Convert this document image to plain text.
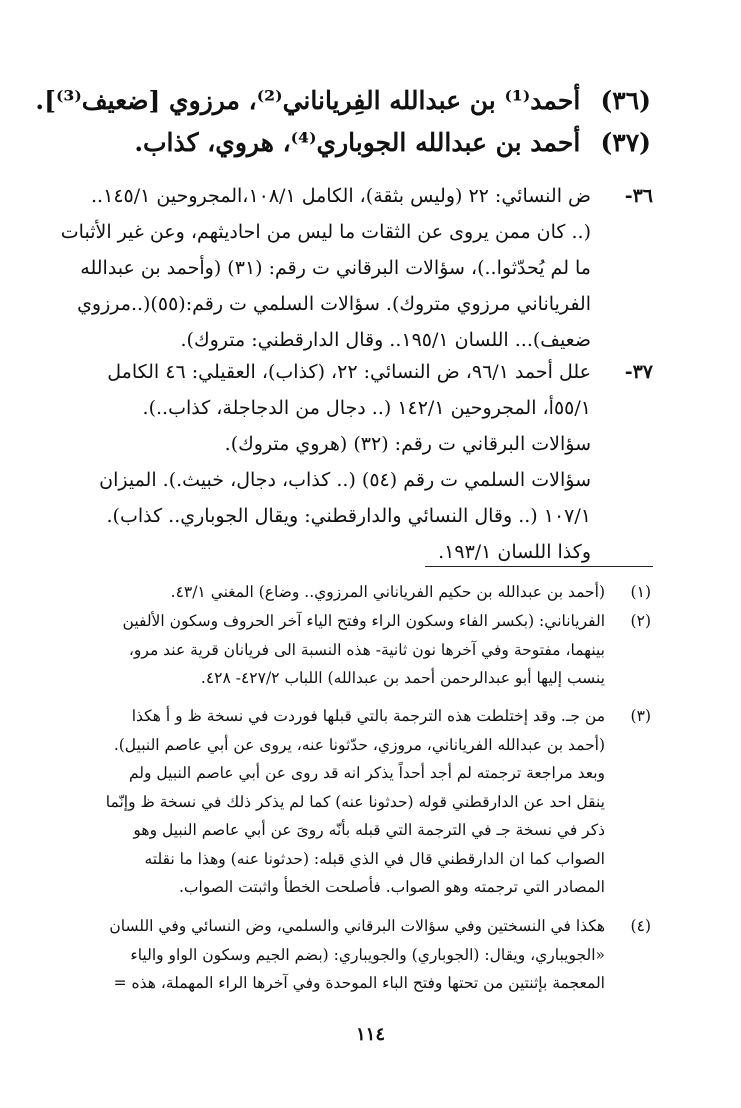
(٣٦) أحمد⁽¹⁾ بن عبدالله الفِرياناني⁽²⁾، مرزوي [ضعيف⁽³⁾].
(٣٧) أحمد بن عبدالله الجوباري⁽⁴⁾، هروي، كذاب.
٣٦-
ض النسائي: ٢٢ (وليس بثقة)، الكامل ١٠٨/١،المجروحين ١٤٥/١..
(.. كان ممن يروى عن الثقات ما ليس من احاديثهم، وعن غير الأثبات
ما لم يُحدّثوا..)، سؤالات البرقاني ت رقم: (٣١) (وأحمد بن عبدالله
الفرياناني مرزوي متروك). سؤالات السلمي ت رقم:(٥٥)(..مرزوي
ضعيف)... اللسان ١٩٥/١.. وقال الدارقطني: متروك).
٣٧-
علل أحمد ٩٦/١، ض النسائي: ٢٢، (كذاب)، العقيلي: ٤٦ الكامل
٥٥/١أ، المجروحين ١٤٢/١ (.. دجال من الدجاجلة، كذاب..).
سؤالات البرقاني ت رقم: (٣٢) (هروي متروك).
سؤالات السلمي ت رقم (٥٤) (.. كذاب، دجال، خبيث.). الميزان
١٠٧/١ (.. وقال النسائي والدارقطني: ويقال الجوباري.. كذاب).
وكذا اللسان ١٩٣/١.
(١)
(أحمد بن عبدالله بن حكيم الفرياناني المرزوي.. وضاع) المغني ٤٣/١.
(٢)
الفرياناني: (بكسر الفاء وسكون الراء وفتح الياء آخر الحروف وسكون الألفين
بينهما، مفتوحة وفي آخرها نون ثانية- هذه النسبة الى فريانان قرية عند مرو،
ينسب إليها أبو عبدالرحمن أحمد بن عبدالله) اللباب ٤٢٧/٢- ٤٢٨.
(٣)
من جـ. وقد إختلطت هذه الترجمة بالتي قبلها فوردت في نسخة ظ و أ هكذا
(أحمد بن عبدالله الفرياناني، مروزي، حدّثونا عنه، يروى عن أبي عاصم النبيل).
وبعد مراجعة ترجمته لم أجد أحداً يذكر انه قد روى عن أبي عاصم النبيل ولم
ينقل احد عن الدارقطني قوله (حدثونا عنه) كما لم يذكر ذلك في نسخة ظ وإنّما
ذكر في نسخة جـ في الترجمة التي قبله بأنّه روىَ عن أبي عاصم النبيل وهو
الصواب كما ان الدارقطني قال في الذي قبله: (حدثونا عنه) وهذا ما نقلته
المصادر التي ترجمته وهو الصواب. فأصلحت الخطأ واثبتت الصواب.
(٤)
هكذا في النسختين وفي سؤالات البرقاني والسلمي، وض النسائي وفي اللسان
«الجويباري، ويقال: (الجوباري) والجويباري: (بضم الجيم وسكون الواو والياء
المعجمة بإثنتين من تحتها وفتح الباء الموحدة وفي آخرها الراء المهملة، هذه =
١١٤
